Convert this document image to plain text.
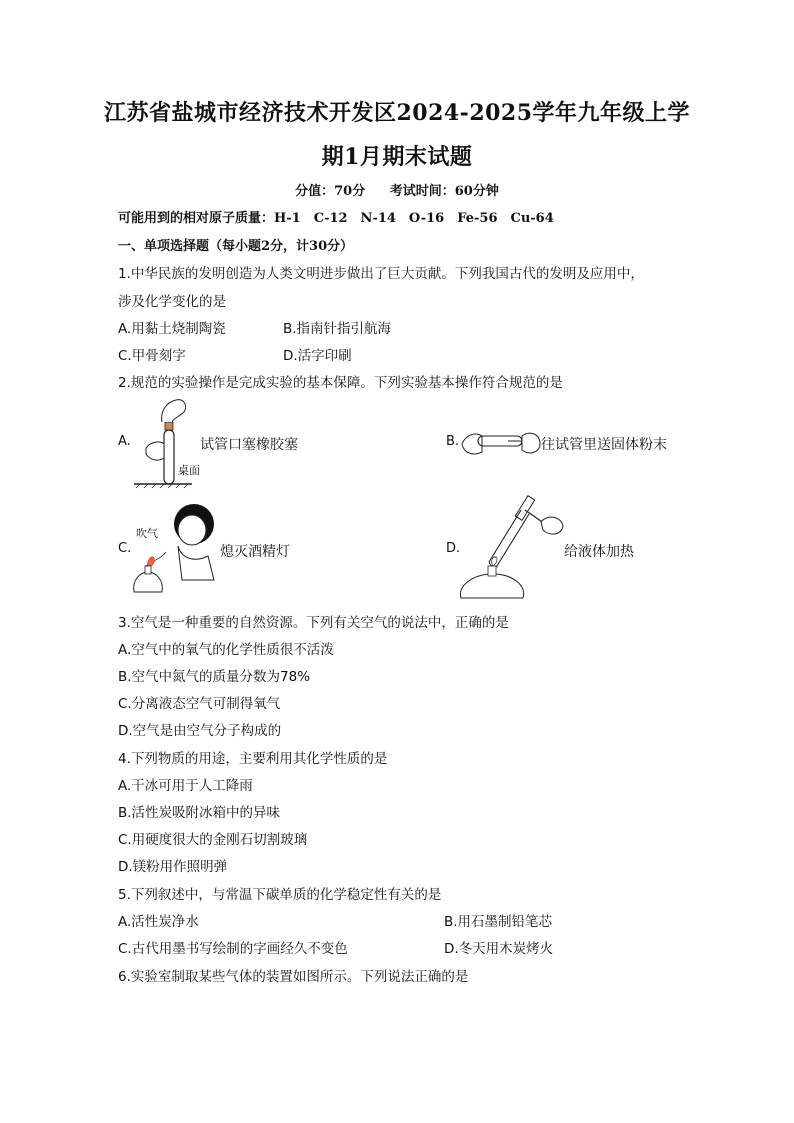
江苏省盐城市经济技术开发区2024-2025学年九年级上学
期1月期末试题
分值：70分 考试时间：60分钟
可能用到的相对原子质量：H-1　C-12　N-14　O-16　Fe-56　Cu-64
一、单项选择题（每小题2分，计30分）
1.中华民族的发明创造为人类文明进步做出了巨大贡献。下列我国古代的发明及应用中，
涉及化学变化的是
A.用黏土烧制陶瓷	B.指南针指引航海
C.甲骨刻字	D.活字印刷
2.规范的实验操作是完成实验的基本保障。下列实验基本操作符合规范的是
A.	试管口塞橡胶塞
桌面
B.	往试管里送固体粉末
C.
吹气
熄灭酒精灯	D.	给液体加热
3.空气是一种重要的自然资源。下列有关空气的说法中，正确的是
A.空气中的氧气的化学性质很不活泼
B.空气中氮气的质量分数为78%
C.分离液态空气可制得氧气
D.空气是由空气分子构成的
4.下列物质的用途，主要利用其化学性质的是
A.干冰可用于人工降雨
B.活性炭吸附冰箱中的异味
C.用硬度很大的金刚石切割玻璃
D.镁粉用作照明弹
5.下列叙述中，与常温下碳单质的化学稳定性有关的是
A.活性炭净水	B.用石墨制铅笔芯
C.古代用墨书写绘制的字画经久不变色	D.冬天用木炭烤火
6.实验室制取某些气体的装置如图所示。下列说法正确的是
